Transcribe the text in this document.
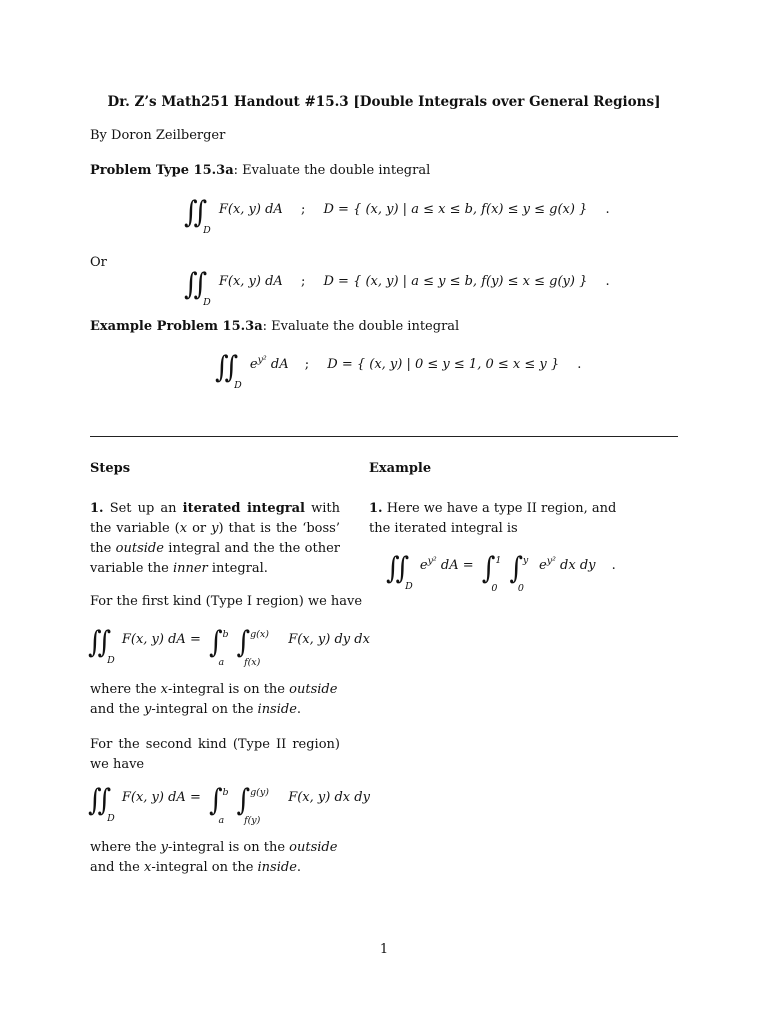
Dr. Z’s Math251 Handout #15.3 [Double Integrals over General Regions]
By Doron Zeilberger
Problem Type 15.3a: Evaluate the double integral
$\int\int_D$ F(x, y) dA ; D = { (x, y) | a ≤ x ≤ b, f(x) ≤ y ≤ g(x) } .
Or
$\int\int_D$ F(x, y) dA ; D = { (x, y) | a ≤ y ≤ b, f(y) ≤ x ≤ g(y) } .
Example Problem 15.3a: Evaluate the double integral
$\int\int_D$ $e^{y^2}$ dA ; D = { (x, y) | 0 ≤ y ≤ 1, 0 ≤ x ≤ y } .
Steps	Example
1. Set up an iterated integral with the variable (x or y) that is the ‘boss’ the outside integral and the the other variable the inner integral.
For the first kind (Type I region) we have
$\int\int_D$ F(x, y) dA = ∫ b
a
∫ g(x)
f(x)
F(x, y) dy dx
where the x-integral is on the outside and the y-integral on the inside.
For the second kind (Type II region) we have
$\int\int_D$ F(x, y) dA = ∫ b
a
∫ g(y)
f(y)
F(x, y) dx dy
where the y-integral is on the outside and the x-integral on the inside.
1. Here we have a type II region, and the iterated integral is
$\int\int_D$ $e^{y^2}$ dA = ∫ 1
0
∫ y
0
$e^{y^2}$ dx dy .
1
